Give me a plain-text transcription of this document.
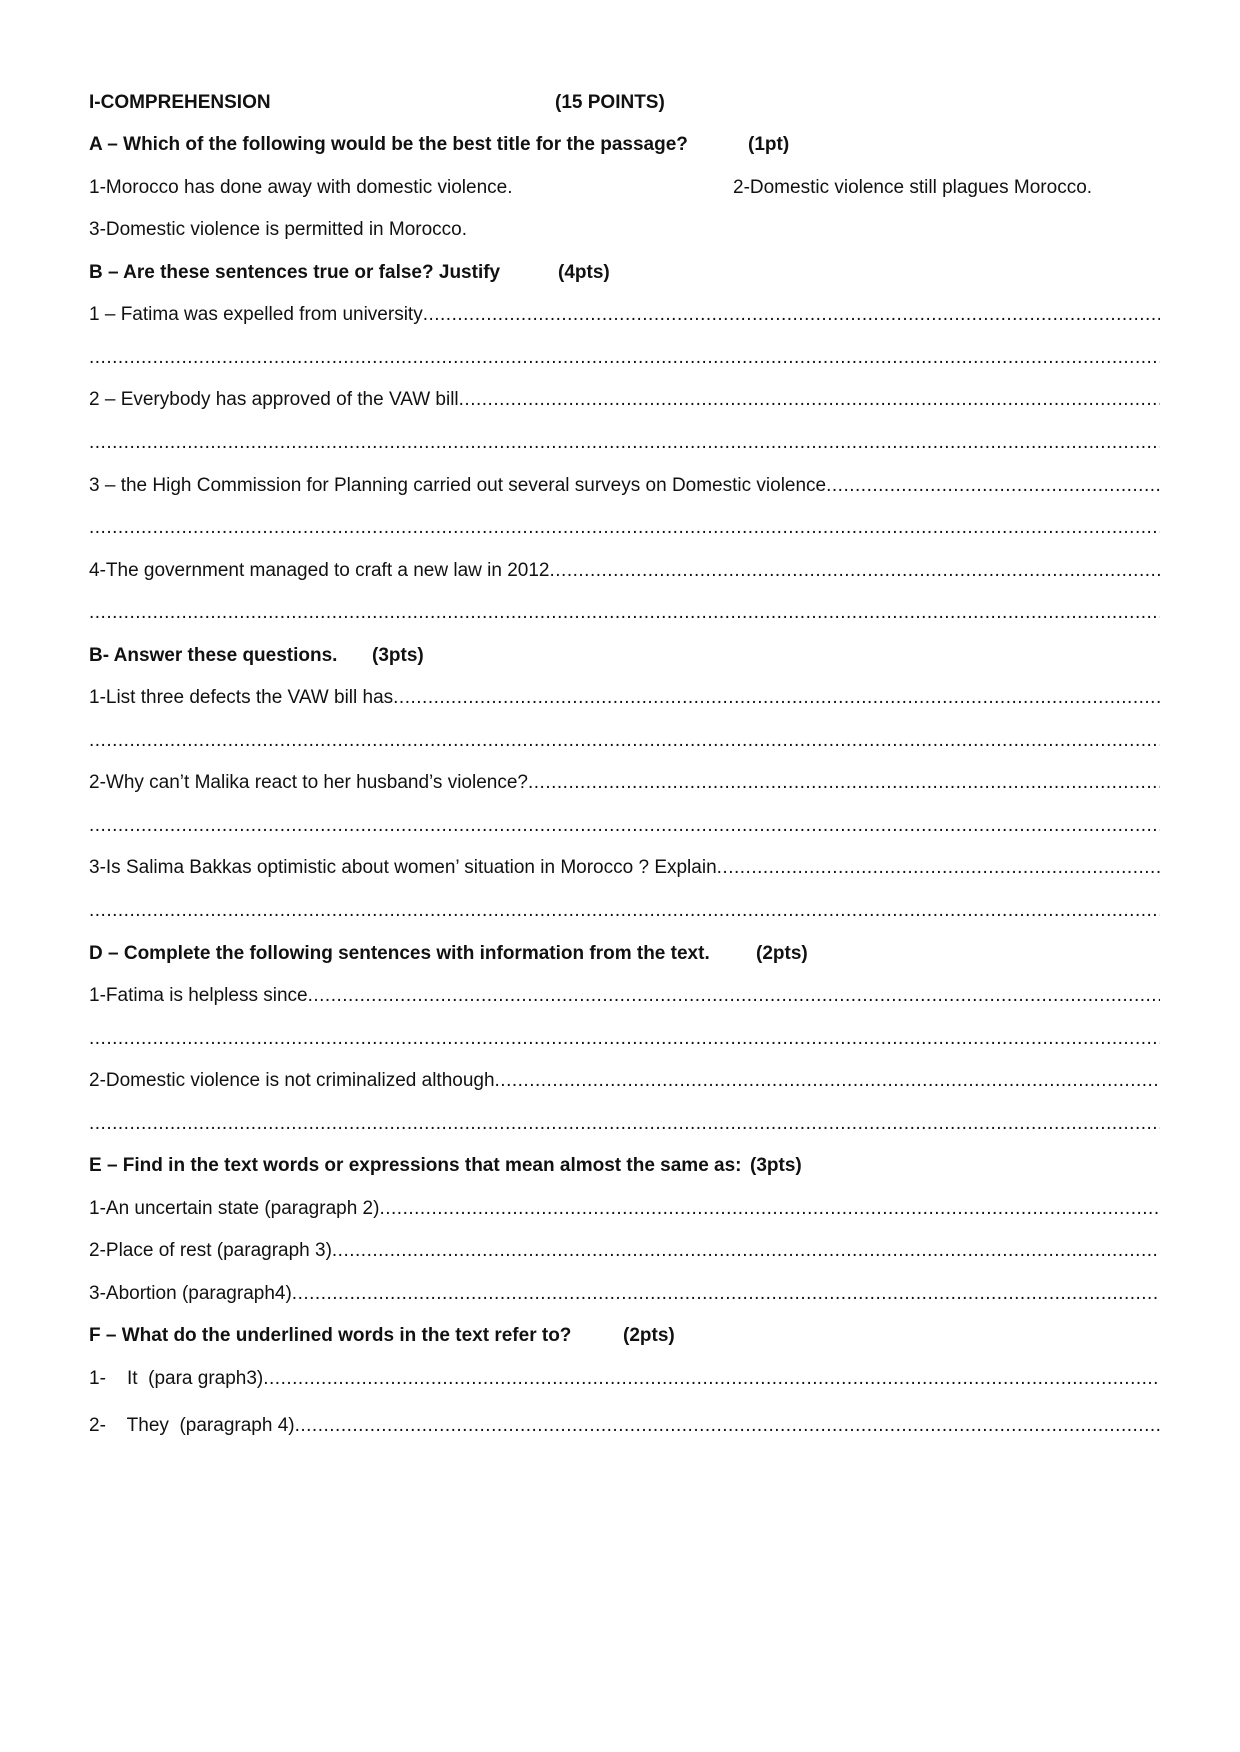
I-COMPREHENSION	(15 POINTS)
A – Which of the following would be the best title for the passage?	(1pt)
1-Morocco has done away with domestic violence.	2-Domestic violence still plagues Morocco.
3-Domestic violence is permitted in Morocco.
B – Are these sentences true or false? Justify	(4pts)
1 – Fatima was expelled from university.....
.....
2 – Everybody has approved of the VAW bill.....
.....
3 – the High Commission for Planning carried out several surveys on Domestic violence.....
.....
4-The government managed to craft a new law in 2012.....
.....
B- Answer these questions. (3pts)
1-List three defects the VAW bill has.....
.....
2-Why can’t Malika react to her husband’s violence?.....
.....
3-Is Salima Bakkas optimistic about women’ situation in Morocco ? Explain.....
.....
D – Complete the following sentences with information from the text. (2pts)
1-Fatima is helpless since.....
.....
2-Domestic violence is not criminalized although.....
.....
E – Find in the text words or expressions that mean almost the same as: (3pts)
1-An uncertain state (paragraph 2).....
2-Place of rest (paragraph 3).....
3-Abortion (paragraph4).....
F – What do the underlined words in the text refer to?	(2pts)
1-    It  (para graph3).....
2-    They  (paragraph 4).....
